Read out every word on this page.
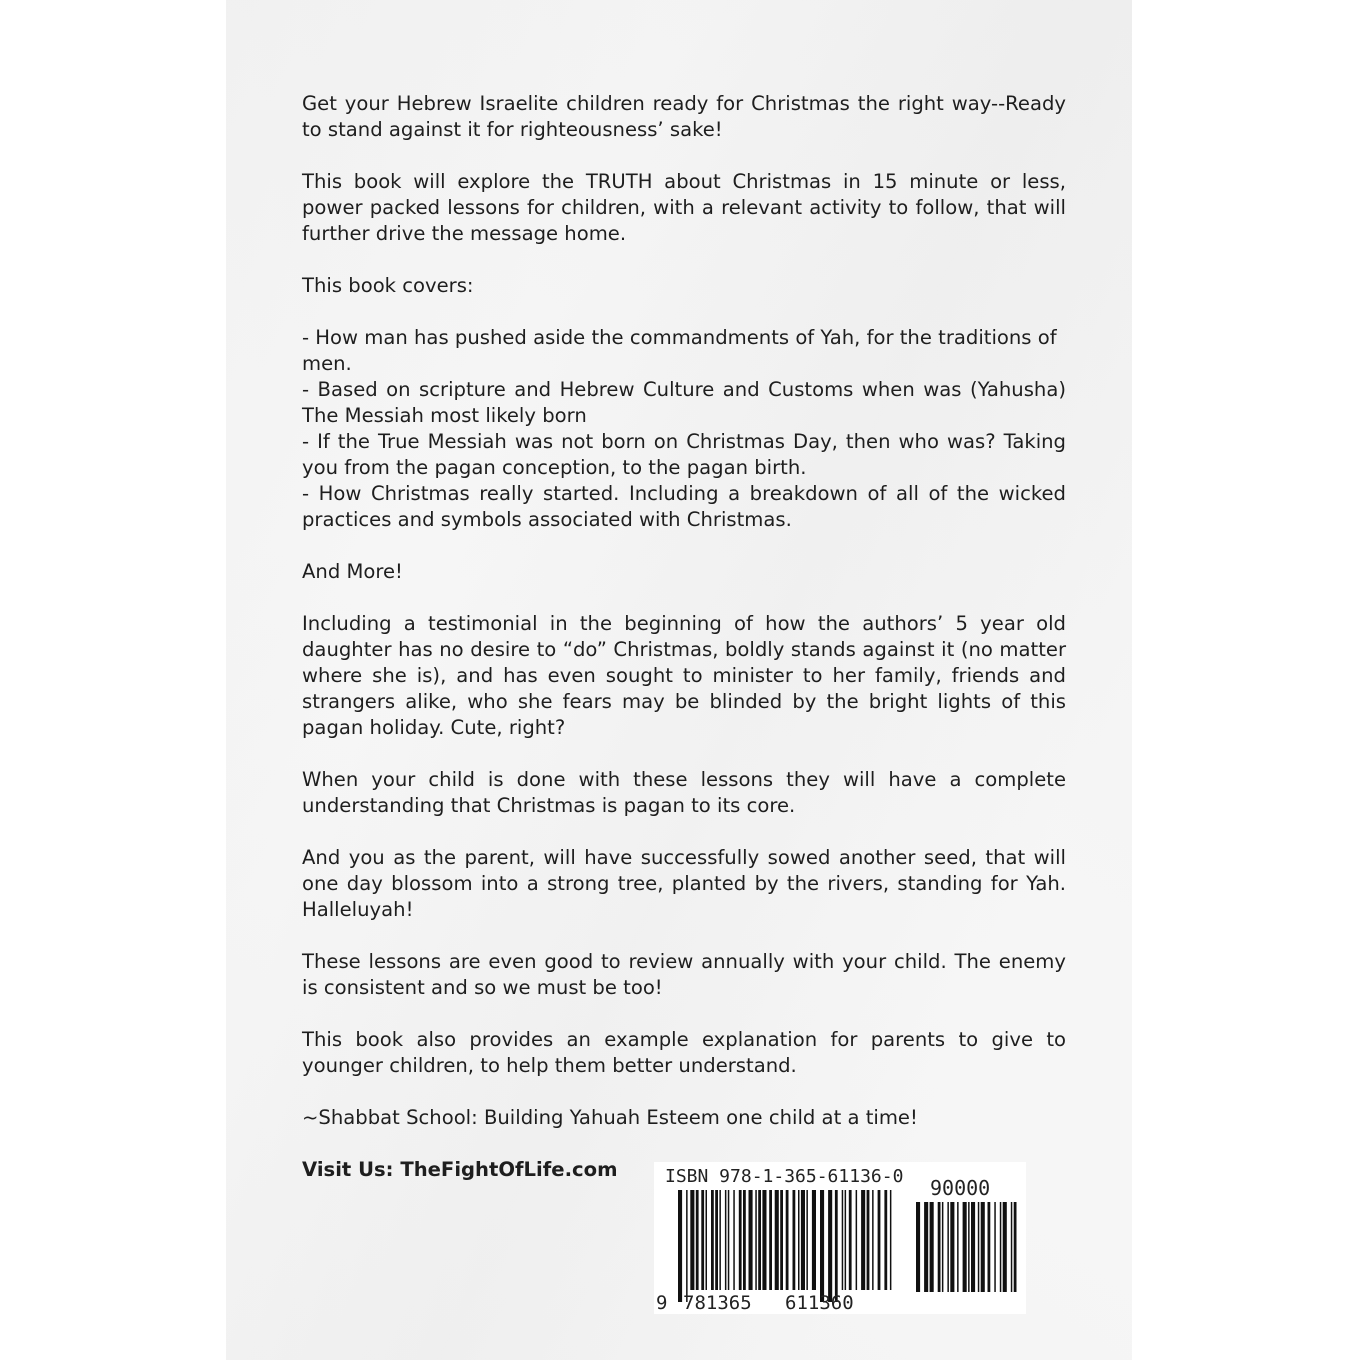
Get your Hebrew Israelite children ready for Christmas the right way--Ready to stand against it for righteousness’ sake!

This book will explore the TRUTH about Christmas in 15 minute or less, power packed lessons for children, with a relevant activity to follow, that will further drive the message home.

This book covers:

- How man has pushed aside the commandments of Yah, for the traditions of men.
- Based on scripture and Hebrew Culture and Customs when was (Yahusha) The Messiah most likely born
- If the True Messiah was not born on Christmas Day, then who was? Taking you from the pagan conception, to the pagan birth.
- How Christmas really started. Including a breakdown of all of the wicked practices and symbols associated with Christmas.

And More!

Including a testimonial in the beginning of how the authors’ 5 year old daughter has no desire to “do” Christmas, boldly stands against it (no matter where she is), and has even sought to minister to her family, friends and strangers alike, who she fears may be blinded by the bright lights of this pagan holiday. Cute, right?

When your child is done with these lessons they will have a complete understanding that Christmas is pagan to its core.

And you as the parent, will have successfully sowed another seed, that will one day blossom into a strong tree, planted by the rivers, standing for Yah. Halleluyah!

These lessons are even good to review annually with your child. The enemy is consistent and so we must be too!

This book also provides an example explanation for parents to give to younger children, to help them better understand.

~Shabbat School: Building Yahuah Esteem one child at a time!

Visit Us: TheFightOfLife.com	ISBN 978-1-365-61136-0 90000
9 781365 611360
